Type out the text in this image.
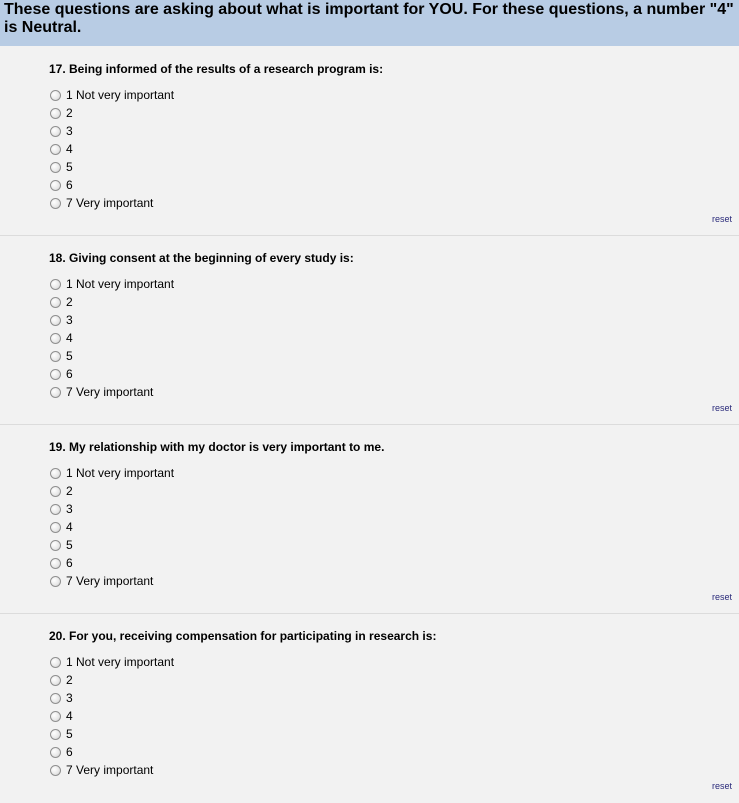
These questions are asking about what is important for YOU. For these questions, a number "4" is Neutral.
17. Being informed of the results of a research program is:
1 Not very important
2
3
4
5
6
7 Very important
reset
18. Giving consent at the beginning of every study is:
1 Not very important
2
3
4
5
6
7 Very important
reset
19. My relationship with my doctor is very important to me.
1 Not very important
2
3
4
5
6
7 Very important
reset
20. For you, receiving compensation for participating in research is:
1 Not very important
2
3
4
5
6
7 Very important
reset
